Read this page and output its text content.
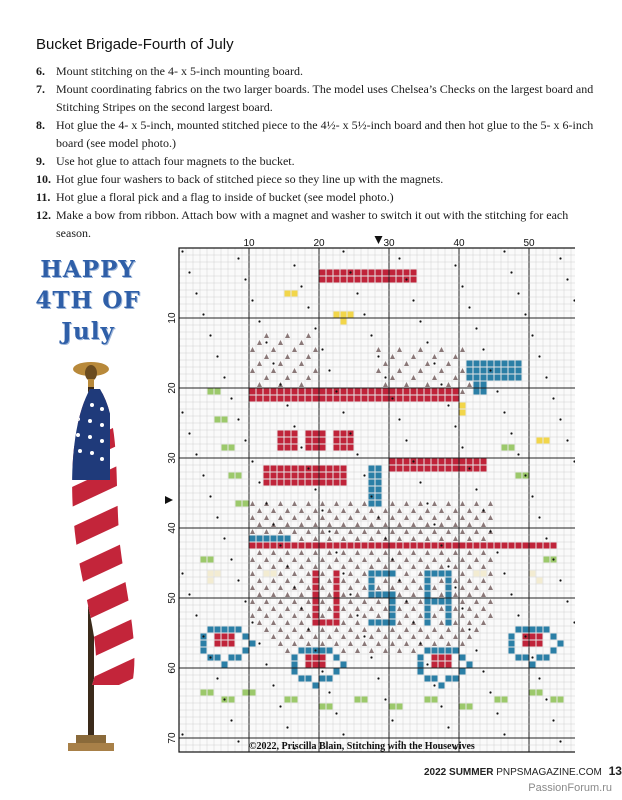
Bucket Brigade-Fourth of July
6. Mount stitching on the 4- x 5-inch mounting board.
7. Mount coordinating fabrics on the two larger boards. The model uses Chelsea’s Checks on the largest board and Stitching Stripes on the second largest board.
8. Hot glue the 4- x 5-inch, mounted stitched piece to the 4½- x 5½-inch board and then hot glue to the 5- x 6-inch board (see model photo.)
9. Use hot glue to attach four magnets to the bucket.
10. Hot glue four washers to back of stitched piece so they line up with the magnets.
11. Hot glue a floral pick and a flag to inside of bucket (see model photo.)
12. Make a bow from ribbon. Attach bow with a magnet and washer to switch it out with the stitching for each season.
HAPPY
4TH OF
July
10	20	30	40	50
10
20
30
40
50
60
70
©2022, Priscilla Blain, Stitching with the Housewives
2022 SUMMER PNPSMAGAZINE.COM 13
PassionForum.ru
